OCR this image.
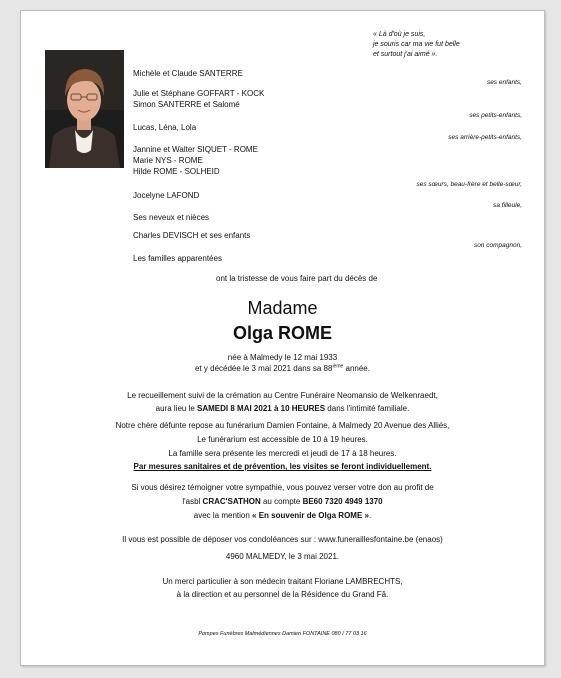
« Là d'où je suis,
je souris car ma vie fut belle
et surtout j'ai aimé ».
Michèle et Claude SANTERRE
ses enfants,
Julie et Stéphane GOFFART - KOCK
Simon SANTERRE et Salomé
ses petits-enfants,
Lucas, Léna, Lola
ses arrière-petits-enfants,
Jannine et Walter SIQUET - ROME
Marie NYS - ROME
Hilde ROME - SOLHEID
ses sœurs, beau-frère et belle-sœur,
Jocelyne LAFOND
sa filleule,
Ses neveux et nièces
Charles DEVISCH et ses enfants
son compagnon,
Les familles apparentées
ont la tristesse de vous faire part du décès de
Madame
Olga ROME
née à Malmedy le 12 mai 1933
et y décédée le 3 mai 2021 dans sa 88ième année.
Le recueillement suivi de la crémation au Centre Funéraire Neomansio de Welkenraedt,
aura lieu le SAMEDI 8 MAI 2021 à 10 HEURES dans l'intimité familiale.
Notre chère défunte repose au funérarium Damien Fontaine, à Malmedy 20 Avenue des Alliés,
Le funérarium est accessible de 10 à 19 heures.
La famille sera présente les mercredi et jeudi de 17 à 18 heures.
Par mesures sanitaires et de prévention, les visites se feront individuellement.
Si vous désirez témoigner votre sympathie, vous pouvez verser votre don au profit de
l'asbl CRAC'SATHON au compte BE60 7320 4949 1370
avec la mention « En souvenir de Olga ROME ».
Il vous est possible de déposer vos condoléances sur : www.funeraillesfontaine.be (enaos)
4960 MALMEDY, le 3 mai 2021.
Un merci particulier à son médecin traitant Floriane LAMBRECHTS,
à la direction et au personnel de la Résidence du Grand Fâ.
Pompes Funèbres Malmédiennes Damien FONTAINE 080 / 77 03 16
